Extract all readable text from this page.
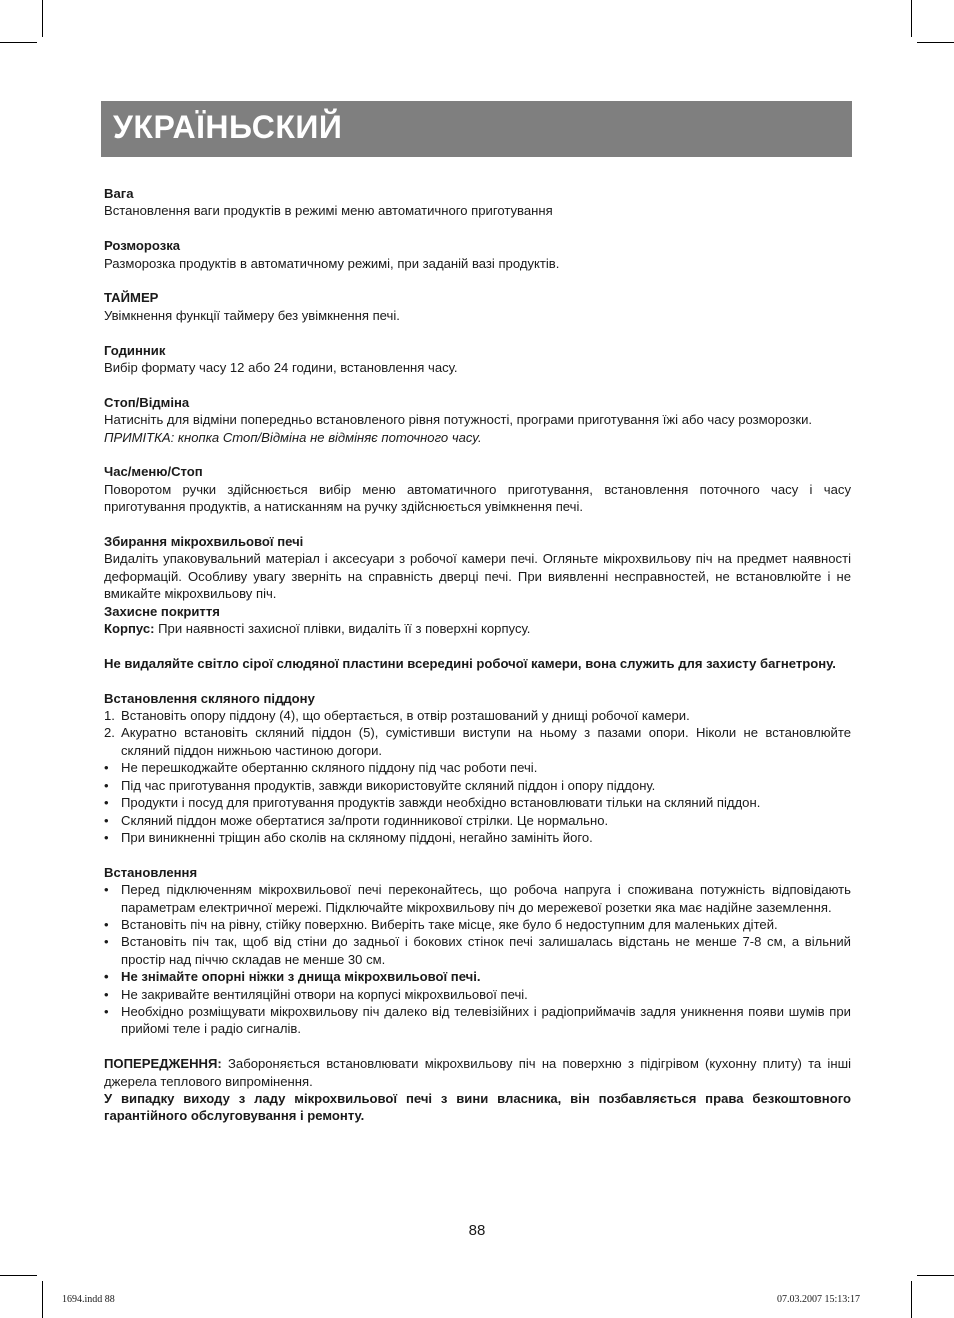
УКРАЇНЬСКИЙ

Вага

Встановлення ваги продуктів в режимі меню автоматичного приготування

Розморозка

Разморозка продуктів в автоматичному режимі, при заданій вазі продуктів.

ТАЙМЕР

Увімкнення функції таймеру без увімкнення печі.

Годинник

Вибір формату часу 12 або 24 години, встановлення часу.

Стоп/Відміна

Натисніть для відміни попередньо встановленого рівня потужності, програми приготування їжі або часу розморозки.

ПРИМІТКА: кнопка Стоп/Відміна не відміняє поточного часу.

Час/меню/Стоп

Поворотом ручки здійснюється вибір меню автоматичного приготування, встановлення поточного часу і часу приготування продуктів, а натисканням на ручку здійснюється увімкнення печі.

Збирання мікрохвильової печі

Видаліть упаковувальний матеріал і аксесуари з робочої камери печі. Огляньте мікрохвильову піч на предмет наявності деформацій. Особливу увагу зверніть на справність дверці печі. При виявленні несправностей, не встановлюйте і не вмикайте мікрохвильову піч.

Захисне покриття

Корпус: При наявності захисної плівки, видаліть її з поверхні корпусу.

Не видаляйте світло сірої слюдяної пластини всередині робочої камери, вона служить для захисту багнетрону.

Встановлення скляного піддону

1. Встановіть опору піддону (4), що обертається, в отвір розташований у днищі робочої камери.
2. Акуратно встановіть скляний піддон (5), сумістивши виступи на ньому з пазами опори. Ніколи не встановлюйте скляний піддон нижньою частиною догори.
• Не перешкоджайте обертанню скляного піддону під час роботи печі.
• Під час приготування продуктів, завжди використовуйте скляний піддон і опору піддону.
• Продукти і посуд для приготування продуктів завжди необхідно встановлювати тільки на скляний піддон.
• Скляний піддон може обертатися за/проти годинникової стрілки. Це нормально.
• При виникненні тріщин або сколів на скляному піддоні, негайно замініть його.

Встановлення

• Перед підключенням мікрохвильової печі переконайтесь, що робоча напруга і споживана потужність відповідають параметрам електричної мережі. Підключайте мікрохвильову піч до мережевої розетки яка має надійне заземлення.
• Встановіть піч на рівну, стійку поверхню. Виберіть таке місце, яке було б недоступним для маленьких дітей.
• Встановіть піч так, щоб від стіни до задньої і бокових стінок печі залишалась відстань не менше 7-8 см, а вільний простір над піччю складав не менше 30 см.
• Не знімайте опорні ніжки з днища мікрохвильової печі.
• Не закривайте вентиляційні отвори на корпусі мікрохвильової печі.
• Необхідно розміщувати мікрохвильову піч далеко від телевізійних і радіоприймачів задля уникнення появи шумів при прийомі теле і радіо сигналів.

ПОПЕРЕДЖЕННЯ: Забороняється встановлювати мікрохвильову піч на поверхню з підігрівом (кухонну плиту) та інші джерела теплового випромінення.

У випадку виходу з ладу мікрохвильової печі з вини власника, він позбавляється права безкоштовного гарантійного обслуговування і ремонту.

88
1694.indd 88	07.03.2007 15:13:17
